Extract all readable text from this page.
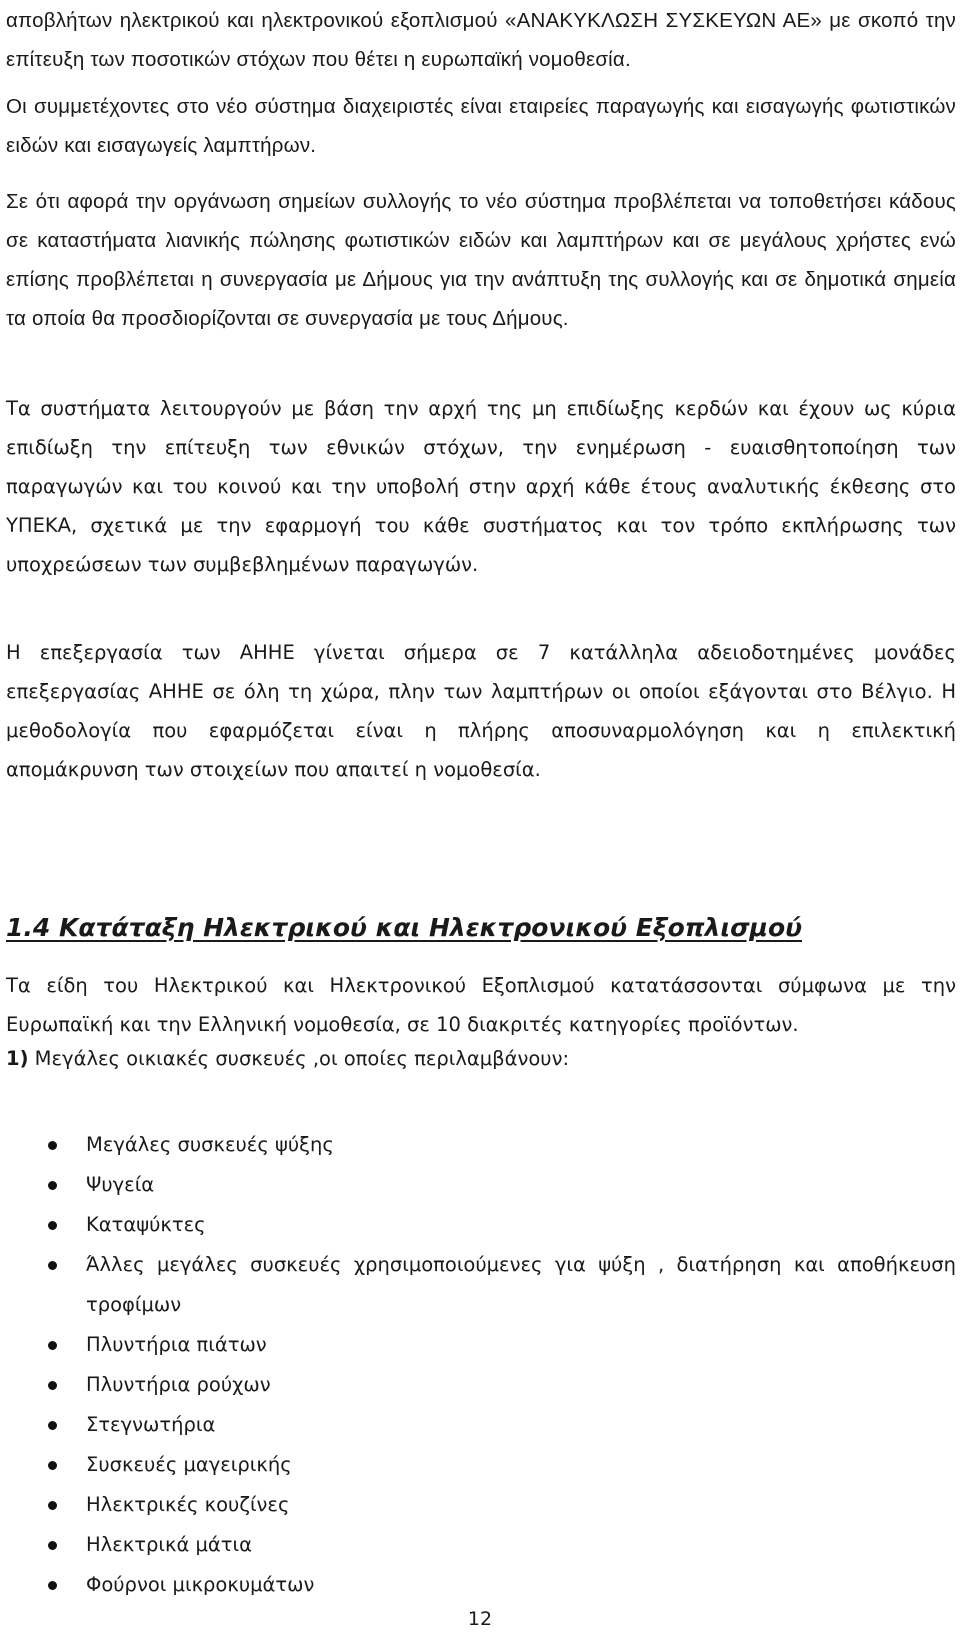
αποβλήτων ηλεκτρικού και ηλεκτρονικού εξοπλισμού «ΑΝΑΚΥΚΛΩΣΗ ΣΥΣΚΕΥΩΝ ΑΕ» με σκοπό την επίτευξη των ποσοτικών στόχων που θέτει η ευρωπαϊκή νομοθεσία.

Οι συμμετέχοντες στο νέο σύστημα διαχειριστές είναι εταιρείες παραγωγής και εισαγωγής φωτιστικών ειδών και εισαγωγείς λαμπτήρων.

Σε ότι αφορά την οργάνωση σημείων συλλογής το νέο σύστημα προβλέπεται να τοποθετήσει κάδους σε καταστήματα λιανικής πώλησης φωτιστικών ειδών και λαμπτήρων και σε μεγάλους χρήστες ενώ επίσης προβλέπεται η συνεργασία με Δήμους για την ανάπτυξη της συλλογής και σε δημοτικά σημεία τα οποία θα προσδιορίζονται σε συνεργασία με τους Δήμους.

Τα συστήματα λειτουργούν με βάση την αρχή της μη επιδίωξης κερδών και έχουν ως κύρια επιδίωξη την επίτευξη των εθνικών στόχων, την ενημέρωση - ευαισθητοποίηση των παραγωγών και του κοινού και την υποβολή στην αρχή κάθε έτους αναλυτικής έκθεσης στο ΥΠΕΚΑ, σχετικά με την εφαρμογή του κάθε συστήματος και τον τρόπο εκπλήρωσης των υποχρεώσεων των συμβεβλημένων παραγωγών.

Η επεξεργασία των ΑΗΗΕ γίνεται σήμερα σε 7 κατάλληλα αδειοδοτημένες μονάδες επεξεργασίας ΑΗΗΕ σε όλη τη χώρα, πλην των λαμπτήρων οι οποίοι εξάγονται στο Βέλγιο. Η μεθοδολογία που εφαρμόζεται είναι η πλήρης αποσυναρμολόγηση και η επιλεκτική απομάκρυνση των στοιχείων που απαιτεί η νομοθεσία.

1.4 Κατάταξη Ηλεκτρικού και Ηλεκτρονικού Εξοπλισμού

Τα είδη του Ηλεκτρικού και Ηλεκτρονικού Εξοπλισμού κατατάσσονται σύμφωνα με την Ευρωπαϊκή και την Ελληνική νομοθεσία, σε 10 διακριτές κατηγορίες προϊόντων.

1) Μεγάλες οικιακές συσκευές ,οι οποίες περιλαμβάνουν:
Μεγάλες συσκευές ψύξης
Ψυγεία
Καταψύκτες
Άλλες μεγάλες συσκευές χρησιμοποιούμενες για ψύξη , διατήρηση και αποθήκευση τροφίμων
Πλυντήρια πιάτων
Πλυντήρια ρούχων
Στεγνωτήρια
Συσκευές μαγειρικής
Ηλεκτρικές κουζίνες
Ηλεκτρικά μάτια
Φούρνοι μικροκυμάτων
12
